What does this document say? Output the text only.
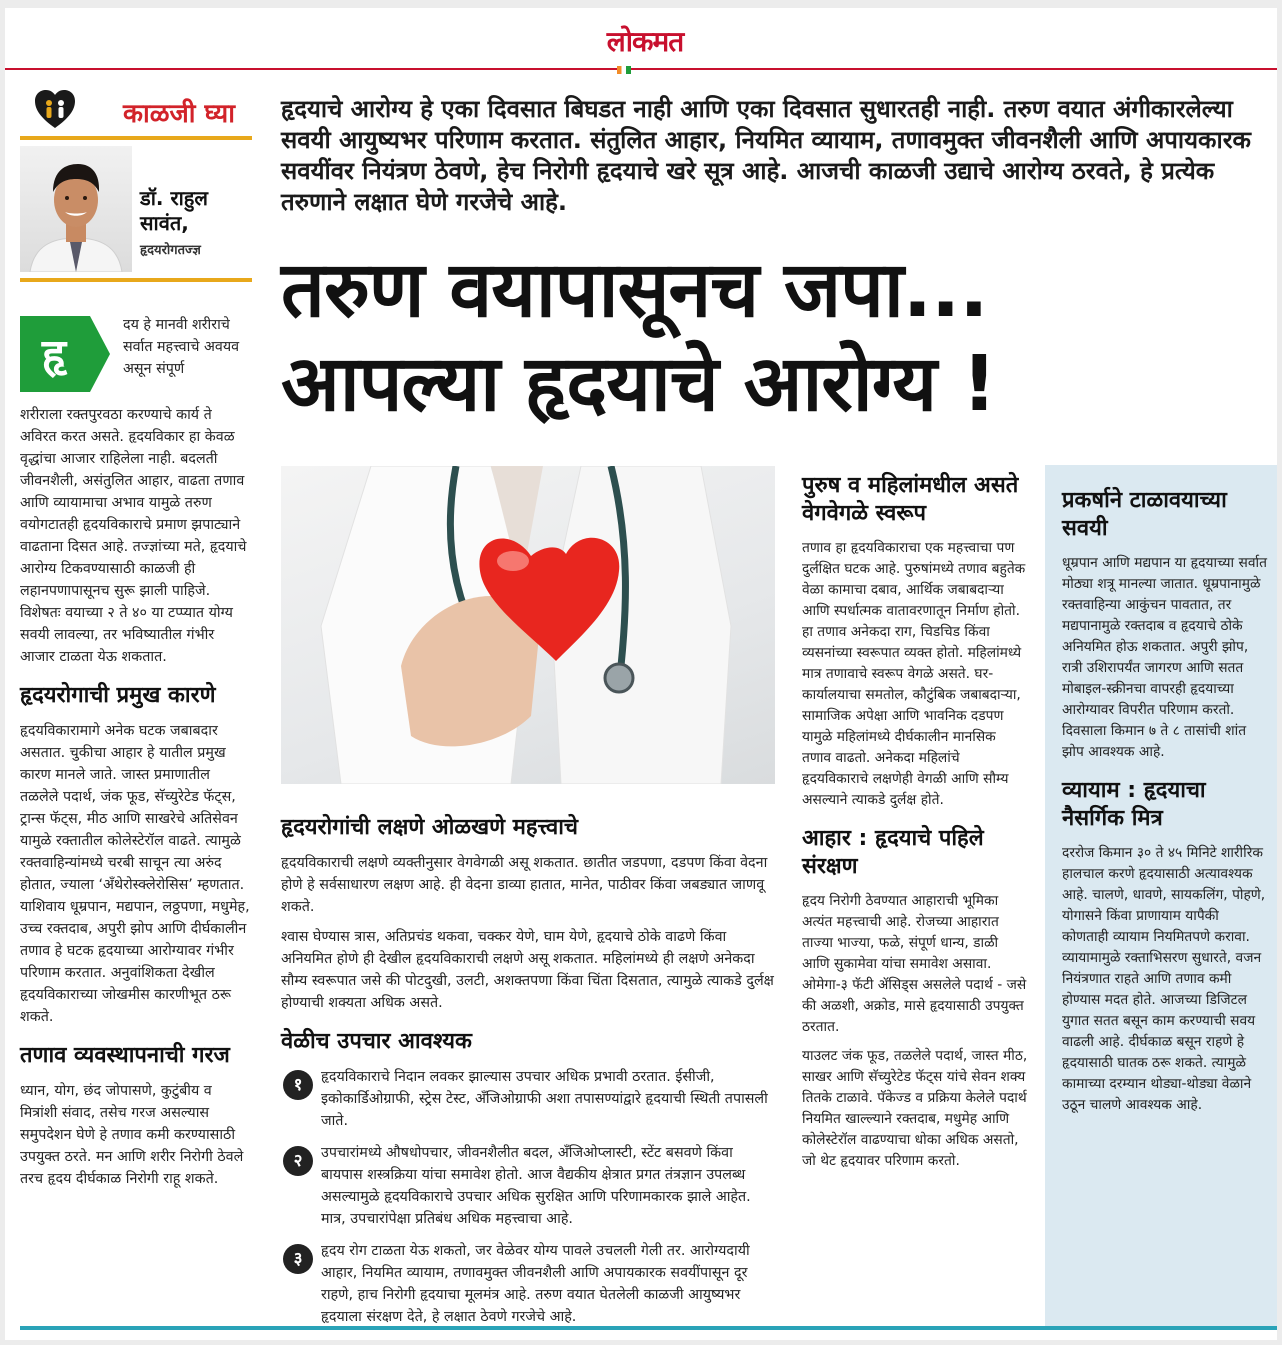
लोकमत
काळजी घ्या
डॉ. राहुल
सावंत,
हृदयरोगतज्ज्ञ
हृ
दय हे मानवी शरीराचे सर्वात महत्त्वाचे अवयव असून संपूर्ण

शरीराला रक्तपुरवठा करण्याचे कार्य ते अविरत करत असते. हृदयविकार हा केवळ वृद्धांचा आजार राहिलेला नाही. बदलती जीवनशैली, असंतुलित आहार, वाढता तणाव आणि व्यायामाचा अभाव यामुळे तरुण वयोगटातही हृदयविकाराचे प्रमाण झपाट्याने वाढताना दिसत आहे. तज्ज्ञांच्या मते, हृदयाचे आरोग्य टिकवण्यासाठी काळजी ही लहानपणापासूनच सुरू झाली पाहिजे. विशेषतः वयाच्या २ ते ४० या टप्प्यात योग्य सवयी लावल्या, तर भविष्यातील गंभीर आजार टाळता येऊ शकतात.

हृदयरोगाची प्रमुख कारणे

हृदयविकारामागे अनेक घटक जबाबदार असतात. चुकीचा आहार हे यातील प्रमुख कारण मानले जाते. जास्त प्रमाणातील तळलेले पदार्थ, जंक फूड, सॅच्युरेटेड फॅट्स, ट्रान्स फॅट्स, मीठ आणि साखरेचे अतिसेवन यामुळे रक्तातील कोलेस्टेरॉल वाढते. त्यामुळे रक्तवाहिन्यांमध्ये चरबी साचून त्या अरुंद होतात, ज्याला ‘अँथेरोस्क्लेरोसिस’ म्हणतात. याशिवाय धूम्रपान, मद्यपान, लठ्ठपणा, मधुमेह, उच्च रक्तदाब, अपुरी झोप आणि दीर्घकालीन तणाव हे घटक हृदयाच्या आरोग्यावर गंभीर परिणाम करतात. अनुवांशिकता देखील हृदयविकाराच्या जोखमीस कारणीभूत ठरू शकते.

तणाव व्यवस्थापनाची गरज

ध्यान, योग, छंद जोपासणे, कुटुंबीय व मित्रांशी संवाद, तसेच गरज असल्यास समुपदेशन घेणे हे तणाव कमी करण्यासाठी उपयुक्त ठरते. मन आणि शरीर निरोगी ठेवले तरच हृदय दीर्घकाळ निरोगी राहू शकते.

हृदयाचे आरोग्य हे एका दिवसात बिघडत नाही आणि एका दिवसात सुधारतही नाही. तरुण वयात अंगीकारलेल्या सवयी आयुष्यभर परिणाम करतात. संतुलित आहार, नियमित व्यायाम, तणावमुक्त जीवनशैली आणि अपायकारक सवयींवर नियंत्रण ठेवणे, हेच निरोगी हृदयाचे खरे सूत्र आहे. आजची काळजी उद्याचे आरोग्य ठरवते, हे प्रत्येक तरुणाने लक्षात घेणे गरजेचे आहे.
तरुण वयापासूनच जपा...
आपल्या हृदयाचे आरोग्य !
हृदयरोगांची लक्षणे ओळखणे महत्त्वाचे

हृदयविकाराची लक्षणे व्यक्तीनुसार वेगवेगळी असू शकतात. छातीत जडपणा, दडपण किंवा वेदना होणे हे सर्वसाधारण लक्षण आहे. ही वेदना डाव्या हातात, मानेत, पाठीवर किंवा जबड्यात जाणवू शकते.

श्वास घेण्यास त्रास, अतिप्रचंड थकवा, चक्कर येणे, घाम येणे, हृदयाचे ठोके वाढणे किंवा अनियमित होणे ही देखील हृदयविकाराची लक्षणे असू शकतात. महिलांमध्ये ही लक्षणे अनेकदा सौम्य स्वरूपात जसे की पोटदुखी, उलटी, अशक्तपणा किंवा चिंता दिसतात, त्यामुळे त्याकडे दुर्लक्ष होण्याची शक्यता अधिक असते.

वेळीच उपचार आवश्यक
१	हृदयविकाराचे निदान लवकर झाल्यास उपचार अधिक प्रभावी ठरतात. ईसीजी, इकोकार्डिओग्राफी, स्ट्रेस टेस्ट, अँजिओग्राफी अशा तपासण्यांद्वारे हृदयाची स्थिती तपासली जाते.
२	उपचारांमध्ये औषधोपचार, जीवनशैलीत बदल, अँजिओप्लास्टी, स्टेंट बसवणे किंवा बायपास शस्त्रक्रिया यांचा समावेश होतो. आज वैद्यकीय क्षेत्रात प्रगत तंत्रज्ञान उपलब्ध असल्यामुळे हृदयविकाराचे उपचार अधिक सुरक्षित आणि परिणामकारक झाले आहेत. मात्र, उपचारांपेक्षा प्रतिबंध अधिक महत्त्वाचा आहे.
३	हृदय रोग टाळता येऊ शकतो, जर वेळेवर योग्य पावले उचलली गेली तर. आरोग्यदायी आहार, नियमित व्यायाम, तणावमुक्त जीवनशैली आणि अपायकारक सवयींपासून दूर राहणे, हाच निरोगी हृदयाचा मूलमंत्र आहे. तरुण वयात घेतलेली काळजी आयुष्यभर हृदयाला संरक्षण देते, हे लक्षात ठेवणे गरजेचे आहे.
पुरुष व महिलांमधील असते वेगवेगळे स्वरूप

तणाव हा हृदयविकाराचा एक महत्त्वाचा पण दुर्लक्षित घटक आहे. पुरुषांमध्ये तणाव बहुतेक वेळा कामाचा दबाव, आर्थिक जबाबदाऱ्या आणि स्पर्धात्मक वातावरणातून निर्माण होतो. हा तणाव अनेकदा राग, चिडचिड किंवा व्यसनांच्या स्वरूपात व्यक्त होतो. महिलांमध्ये मात्र तणावाचे स्वरूप वेगळे असते. घर-कार्यालयाचा समतोल, कौटुंबिक जबाबदाऱ्या, सामाजिक अपेक्षा आणि भावनिक दडपण यामुळे महिलांमध्ये दीर्घकालीन मानसिक तणाव वाढतो. अनेकदा महिलांचे हृदयविकाराचे लक्षणेही वेगळी आणि सौम्य असल्याने त्याकडे दुर्लक्ष होते.

आहार : हृदयाचे पहिले संरक्षण

हृदय निरोगी ठेवण्यात आहाराची भूमिका अत्यंत महत्त्वाची आहे. रोजच्या आहारात ताज्या भाज्या, फळे, संपूर्ण धान्य, डाळी आणि सुकामेवा यांचा समावेश असावा. ओमेगा-३ फॅटी ॲसिड्स असलेले पदार्थ - जसे की अळशी, अक्रोड, मासे हृदयासाठी उपयुक्त ठरतात.

याउलट जंक फूड, तळलेले पदार्थ, जास्त मीठ, साखर आणि सॅच्युरेटेड फॅट्स यांचे सेवन शक्य तितके टाळावे. पॅकेज्ड व प्रक्रिया केलेले पदार्थ नियमित खाल्ल्याने रक्तदाब, मधुमेह आणि कोलेस्टेरॉल वाढण्याचा धोका अधिक असतो, जो थेट हृदयावर परिणाम करतो.

प्रकर्षाने टाळावयाच्या सवयी

धूम्रपान आणि मद्यपान या हृदयाच्या सर्वात मोठ्या शत्रू मानल्या जातात. धूम्रपानामुळे रक्तवाहिन्या आकुंचन पावतात, तर मद्यपानामुळे रक्तदाब व हृदयाचे ठोके अनियमित होऊ शकतात. अपुरी झोप, रात्री उशिरापर्यंत जागरण आणि सतत मोबाइल-स्क्रीनचा वापरही हृदयाच्या आरोग्यावर विपरीत परिणाम करतो. दिवसाला किमान ७ ते ८ तासांची शांत झोप आवश्यक आहे.

व्यायाम : हृदयाचा नैसर्गिक मित्र

दररोज किमान ३० ते ४५ मिनिटे शारीरिक हालचाल करणे हृदयासाठी अत्यावश्यक आहे. चालणे, धावणे, सायकलिंग, पोहणे, योगासने किंवा प्राणायाम यापैकी कोणताही व्यायाम नियमितपणे करावा. व्यायामामुळे रक्ताभिसरण सुधारते, वजन नियंत्रणात राहते आणि तणाव कमी होण्यास मदत होते. आजच्या डिजिटल युगात सतत बसून काम करण्याची सवय वाढली आहे. दीर्घकाळ बसून राहणे हे हृदयासाठी घातक ठरू शकते. त्यामुळे कामाच्या दरम्यान थोड्या-थोड्या वेळाने उठून चालणे आवश्यक आहे.
